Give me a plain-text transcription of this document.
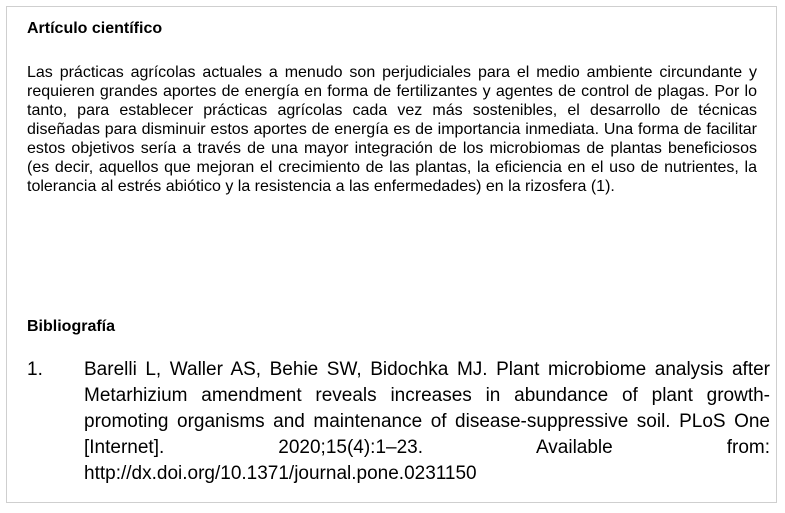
Artículo científico

Las prácticas agrícolas actuales a menudo son perjudiciales para el medio ambiente circundante y requieren grandes aportes de energía en forma de fertilizantes y agentes de control de plagas. Por lo tanto, para establecer prácticas agrícolas cada vez más sostenibles, el desarrollo de técnicas diseñadas para disminuir estos aportes de energía es de importancia inmediata. Una forma de facilitar estos objetivos sería a través de una mayor integración de los microbiomas de plantas beneficiosos (es decir, aquellos que mejoran el crecimiento de las plantas, la eficiencia en el uso de nutrientes, la tolerancia al estrés abiótico y la resistencia a las enfermedades) en la rizosfera (1).

Bibliografía

1.	Barelli L, Waller AS, Behie SW, Bidochka MJ. Plant microbiome analysis after Metarhizium amendment reveals increases in abundance of plant growth-promoting organisms and maintenance of disease-suppressive soil. PLoS One [Internet]. 2020;15(4):1–23. Available from: http://dx.doi.org/10.1371/journal.pone.0231150
